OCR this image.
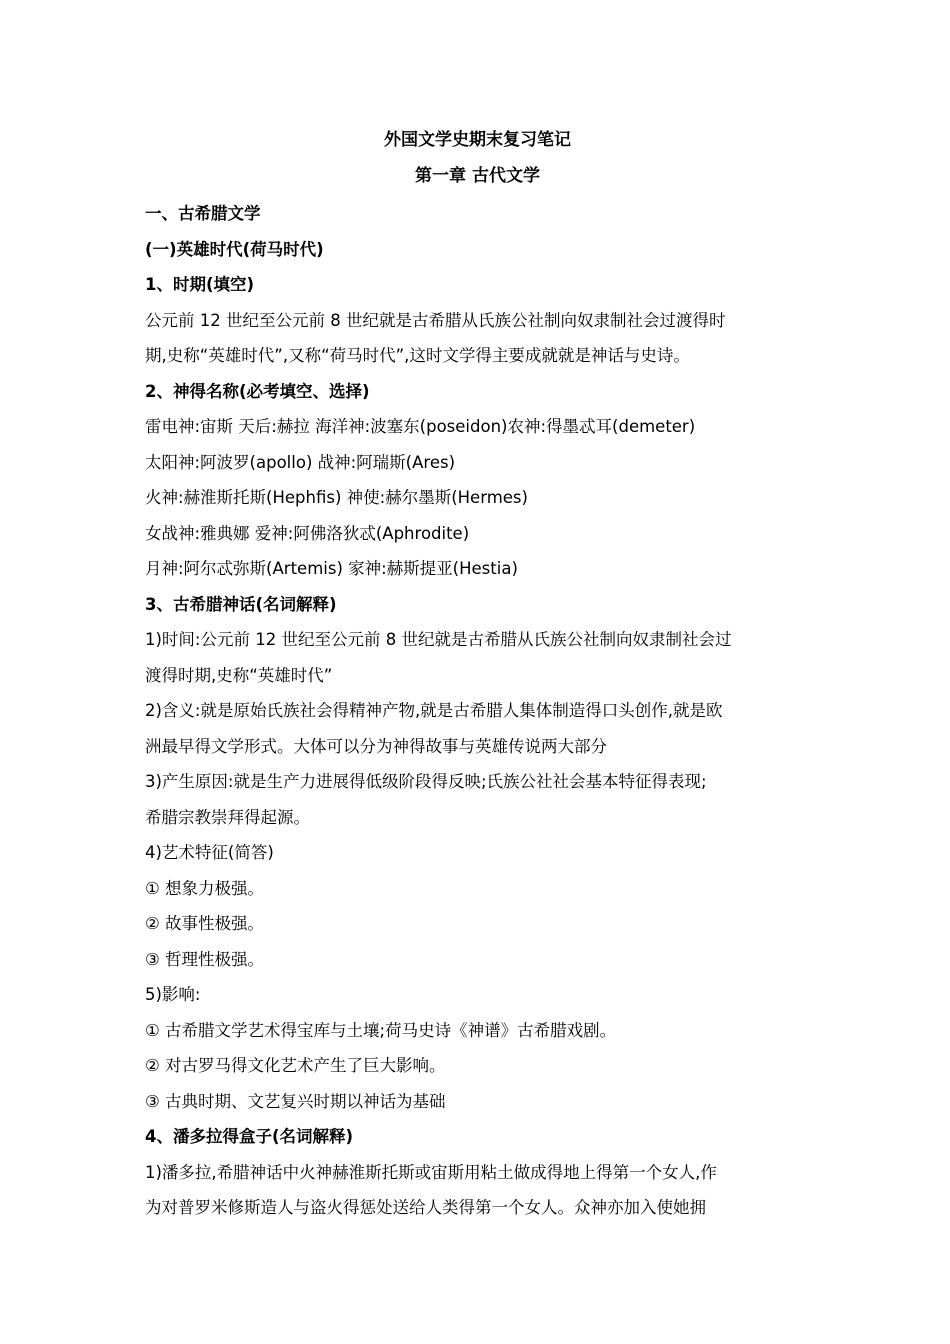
外国文学史期末复习笔记

第一章 古代文学

一、古希腊文学

(一)英雄时代(荷马时代)

1、时期(填空)

公元前 12 世纪至公元前 8 世纪就是古希腊从氏族公社制向奴隶制社会过渡得时

期,史称“英雄时代”,又称“荷马时代”,这时文学得主要成就就是神话与史诗。

2、神得名称(必考填空、选择)

雷电神:宙斯 天后:赫拉 海洋神:波塞东(poseidon)农神:得墨忒耳(demeter)

太阳神:阿波罗(apollo) 战神:阿瑞斯(Ares)

火神:赫淮斯托斯(Hephfis) 神使:赫尔墨斯(Hermes)

女战神:雅典娜 爱神:阿佛洛狄忒(Aphrodite)

月神:阿尔忒弥斯(Artemis) 家神:赫斯提亚(Hestia)

3、古希腊神话(名词解释)

1)时间:公元前 12 世纪至公元前 8 世纪就是古希腊从氏族公社制向奴隶制社会过

渡得时期,史称“英雄时代”

2)含义:就是原始氏族社会得精神产物,就是古希腊人集体制造得口头创作,就是欧

洲最早得文学形式。大体可以分为神得故事与英雄传说两大部分

3)产生原因:就是生产力进展得低级阶段得反映;氏族公社社会基本特征得表现;

希腊宗教崇拜得起源。

4)艺术特征(简答)

① 想象力极强。

② 故事性极强。

③ 哲理性极强。

5)影响:

① 古希腊文学艺术得宝库与土壤;荷马史诗《神谱》古希腊戏剧。

② 对古罗马得文化艺术产生了巨大影响。

③ 古典时期、文艺复兴时期以神话为基础

4、潘多拉得盒子(名词解释)

1)潘多拉,希腊神话中火神赫淮斯托斯或宙斯用粘土做成得地上得第一个女人,作

为对普罗米修斯造人与盗火得惩处送给人类得第一个女人。众神亦加入使她拥
